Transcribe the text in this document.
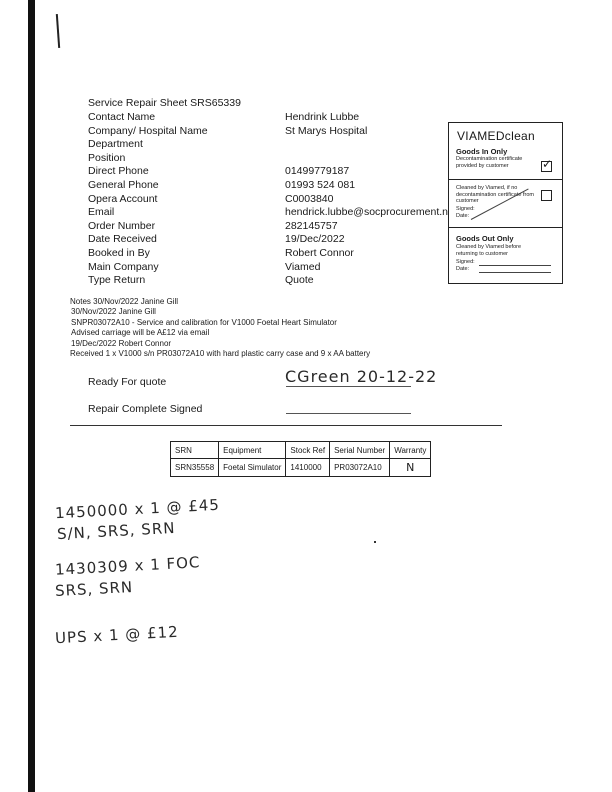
Service Repair Sheet SRS65339
Contact Name	Hendrink Lubbe
Company/ Hospital Name	St Marys Hospital
Department
Position
Direct Phone	01499779187
General Phone	01993 524 081
Opera Account	C0003840
Email	hendrick.lubbe@socprocurement.n
Order Number	282145757
Date Received	19/Dec/2022
Booked in By	Robert Connor
Main Company	Viamed
Type Return	Quote
VIAMEDclean
Goods In Only
Decontamination certificate provided by customer	✓
Cleaned by Viamed, if no decontamination certificate from customer
Signed:
Date:
Goods Out Only
Cleaned by Viamed before returning to customer
Signed:
Date:
Notes 30/Nov/2022 Janine Gill
30/Nov/2022 Janine Gill
SNPR03072A10 - Service and calibration for V1000 Foetal Heart Simulator
Advised carriage will be A£12 via email
19/Dec/2022 Robert Connor
Received 1 x V1000 s/n PR03072A10 with hard plastic carry case and 9 x AA battery
Ready For quote	CGreen 20-12-22
Repair Complete Signed
SRN	Equipment	Stock Ref	Serial Number	Warranty
SRN35558	Foetal Simulator	1410000	PR03072A10	N
1450000 x 1 @ £45
S/N, SRS, SRN
1430309 x 1 FOC
SRS, SRN
UPS x 1 @ £12
